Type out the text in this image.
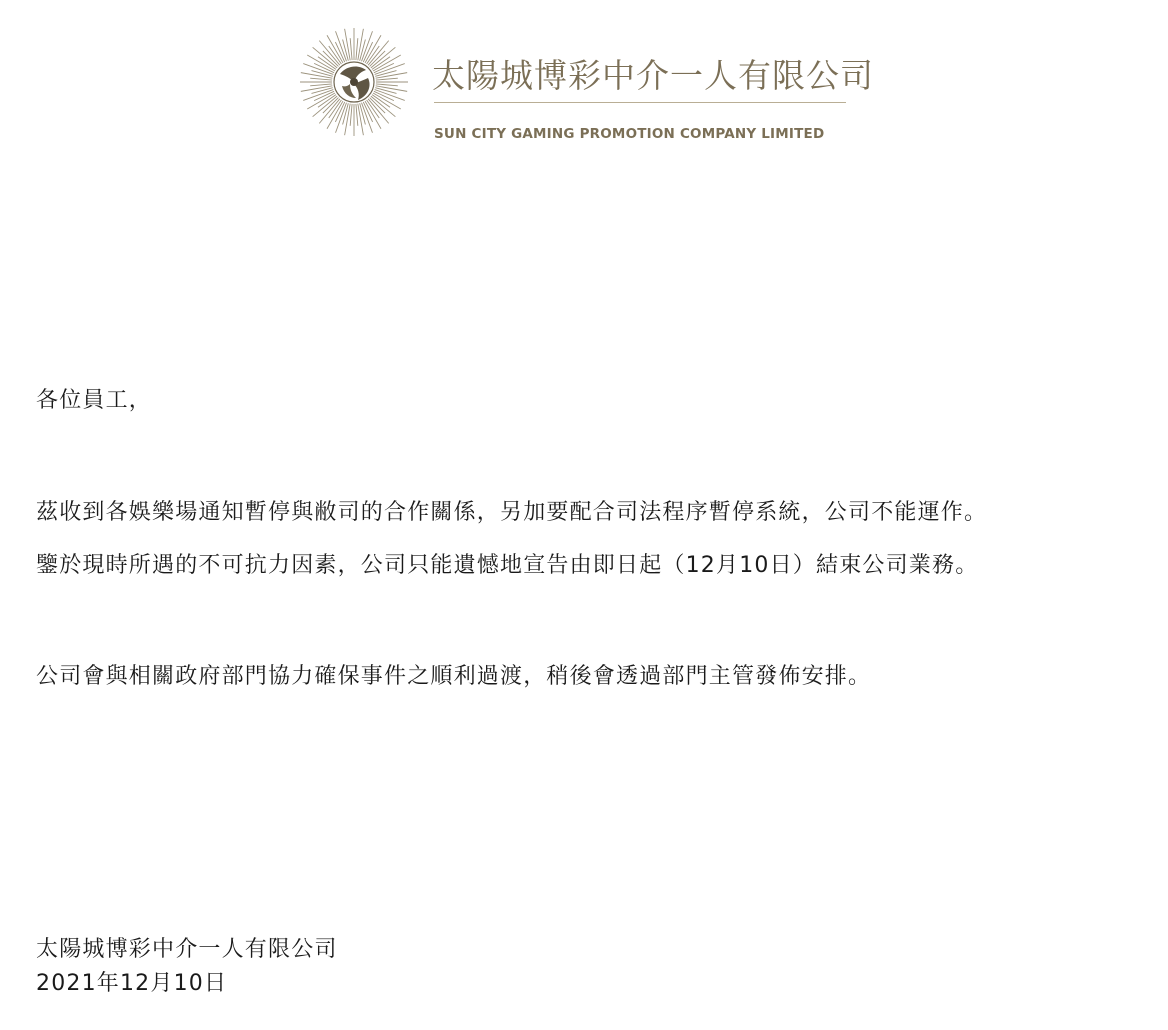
太陽城博彩中介一人有限公司
SUN CITY GAMING PROMOTION COMPANY LIMITED
各位員工，
茲收到各娛樂場通知暫停與敝司的合作關係，另加要配合司法程序暫停系統，公司不能運作。
鑒於現時所遇的不可抗力因素，公司只能遺憾地宣告由即日起（12月10日）結束公司業務。
公司會與相關政府部門協力確保事件之順利過渡，稍後會透過部門主管發佈安排。
太陽城博彩中介一人有限公司
2021年12月10日
